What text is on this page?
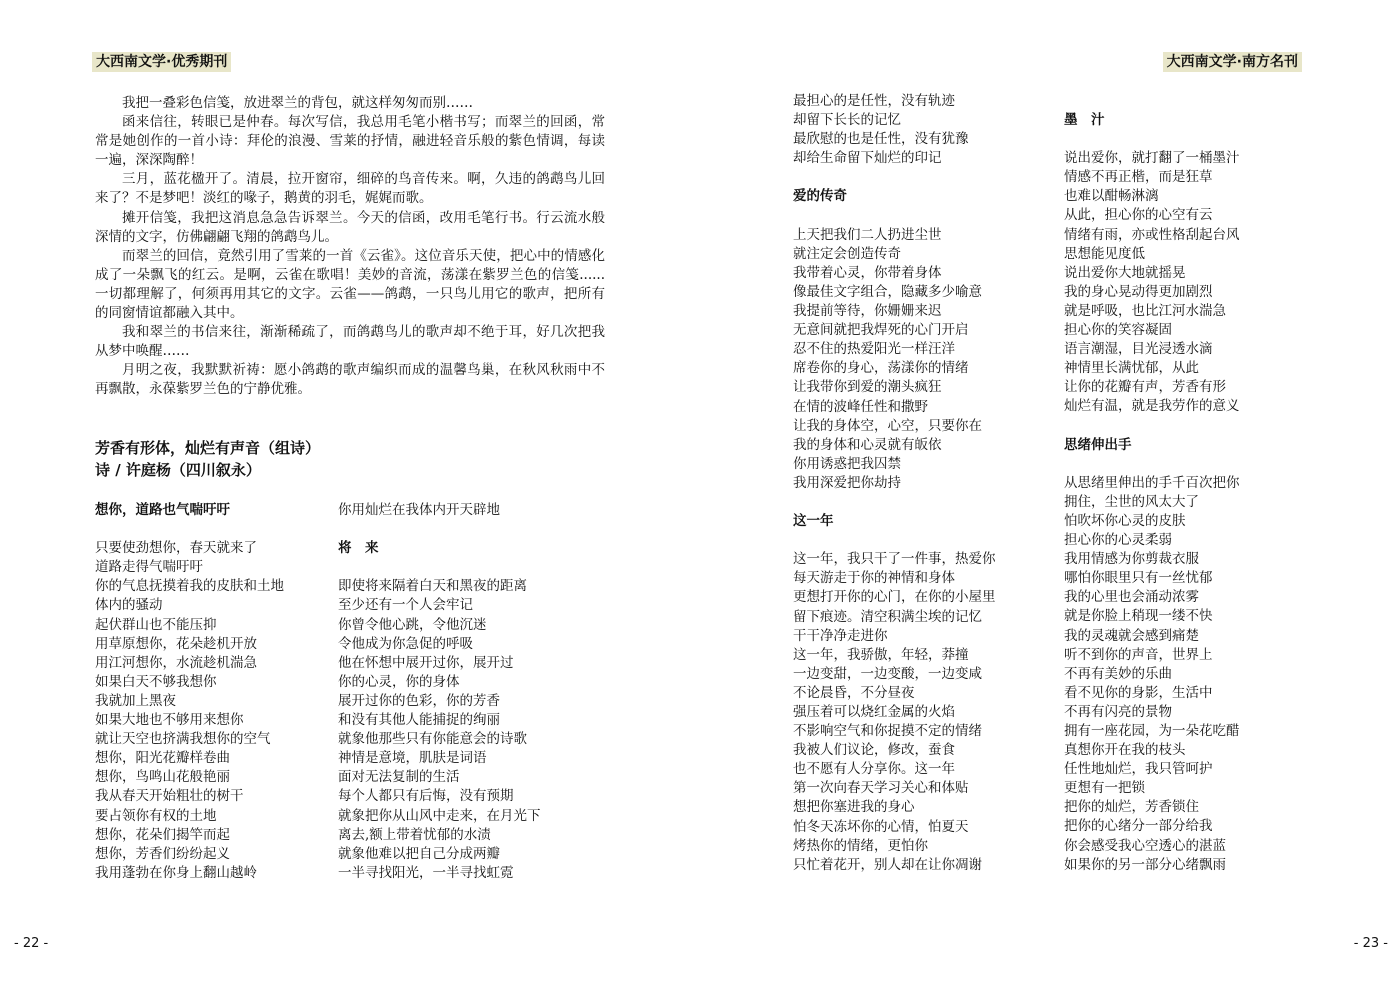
大西南文学·优秀期刊	大西南文学·南方名刊

我把一叠彩色信笺，放进翠兰的背包，就这样匆匆而别……

函来信往，转眼已是仲春。每次写信，我总用毛笔小楷书写；而翠兰的回函，常常是她创作的一首小诗：拜伦的浪漫、雪莱的抒情，融进轻音乐般的紫色情调，每读一遍，深深陶醉！

三月，蓝花楹开了。清晨，拉开窗帘，细碎的鸟音传来。啊，久违的鸽鹉鸟儿回来了？不是梦吧！淡红的喙子，鹅黄的羽毛，娓娓而歌。

摊开信笺，我把这消息急急告诉翠兰。今天的信函，改用毛笔行书。行云流水般深情的文字，仿佛翩翩飞翔的鸽鹉鸟儿。

而翠兰的回信，竟然引用了雪莱的一首《云雀》。这位音乐天使，把心中的情感化成了一朵飘飞的红云。是啊，云雀在歌唱！美妙的音流，荡漾在紫罗兰色的信笺......一切都理解了，何须再用其它的文字。云雀——鸽鹉，一只鸟儿用它的歌声，把所有的同窗情谊都融入其中。

我和翠兰的书信来往，渐渐稀疏了，而鸽鹉鸟儿的歌声却不绝于耳，好几次把我从梦中唤醒……

月明之夜，我默默祈祷：愿小鸽鹉的歌声编织而成的温馨鸟巢，在秋风秋雨中不再飘散，永葆紫罗兰色的宁静优雅。

芳香有形体，灿烂有声音（组诗）
诗 / 许庭杨（四川叙永）
想你，道路也气喘吁吁
只要使劲想你，春天就来了
道路走得气喘吁吁
你的气息抚摸着我的皮肤和土地
体内的骚动
起伏群山也不能压抑
用草原想你，花朵趁机开放
用江河想你，水流趁机湍急
如果白天不够我想你
我就加上黑夜
如果大地也不够用来想你
就让天空也挤满我想你的空气
想你，阳光花瓣样卷曲
想你，鸟鸣山花般艳丽
我从春天开始粗壮的树干
要占领你有权的土地
想你，花朵们揭竿而起
想你，芳香们纷纷起义
我用蓬勃在你身上翻山越岭
你用灿烂在我体内开天辟地
将　来
即使将来隔着白天和黑夜的距离
至少还有一个人会牢记
你曾令他心跳，令他沉迷
令他成为你急促的呼吸
他在怀想中展开过你，展开过
你的心灵，你的身体
展开过你的色彩，你的芳香
和没有其他人能捕捉的绚丽
就象他那些只有你能意会的诗歌
神情是意境，肌肤是词语
面对无法复制的生活
每个人都只有后悔，没有预期
就象把你从山风中走来，在月光下
离去,额上带着忧郁的水渍
就象他难以把自己分成两瓣
一半寻找阳光，一半寻找虹霓
最担心的是任性，没有轨迹
却留下长长的记忆
最欣慰的也是任性，没有犹豫
却给生命留下灿烂的印记
爱的传奇
上天把我们二人扔进尘世
就注定会创造传奇
我带着心灵，你带着身体
像最佳文字组合，隐藏多少喻意
我提前等待，你姗姗来迟
无意间就把我焊死的心门开启
忍不住的热爱阳光一样汪洋
席卷你的身心，荡漾你的情绪
让我带你到爱的潮头疯狂
在情的波峰任性和撒野
让我的身体空，心空，只要你在
我的身体和心灵就有皈依
你用诱惑把我囚禁
我用深爱把你劫持
这一年
这一年，我只干了一件事，热爱你
每天游走于你的神情和身体
更想打开你的心门，在你的小屋里
留下痕迹。清空积满尘埃的记忆
干干净净走进你
这一年，我骄傲，年轻，莽撞
一边变甜，一边变酸，一边变咸
不论晨昏，不分昼夜
强压着可以烧红金属的火焰
不影响空气和你捉摸不定的情绪
我被人们议论，修改，蚕食
也不愿有人分享你。这一年
第一次向春天学习关心和体贴
想把你塞进我的身心
怕冬天冻坏你的心情，怕夏天
烤热你的情绪，更怕你
只忙着花开，别人却在让你凋谢
墨　汁
说出爱你，就打翻了一桶墨汁
情感不再正楷，而是狂草
也难以酣畅淋漓
从此，担心你的心空有云
情绪有雨，亦或性格刮起台风
思想能见度低
说出爱你大地就摇晃
我的身心晃动得更加剧烈
就是呼吸，也比江河水湍急
担心你的笑容凝固
语言潮湿，目光浸透水滴
神情里长满忧郁，从此
让你的花瓣有声，芳香有形
灿烂有温，就是我劳作的意义
思绪伸出手
从思绪里伸出的手千百次把你
拥住，尘世的风太大了
怕吹坏你心灵的皮肤
担心你的心灵柔弱
我用情感为你剪裁衣服
哪怕你眼里只有一丝忧郁
我的心里也会涌动浓雾
就是你脸上稍现一缕不快
我的灵魂就会感到痛楚
听不到你的声音，世界上
不再有美妙的乐曲
看不见你的身影，生活中
不再有闪亮的景物
拥有一座花园，为一朵花吃醋
真想你开在我的枝头
任性地灿烂，我只管呵护
更想有一把锁
把你的灿烂，芳香锁住
把你的心绪分一部分给我
你会感受我心空透心的湛蓝
如果你的另一部分心绪飘雨
- 22 -	- 23 -
